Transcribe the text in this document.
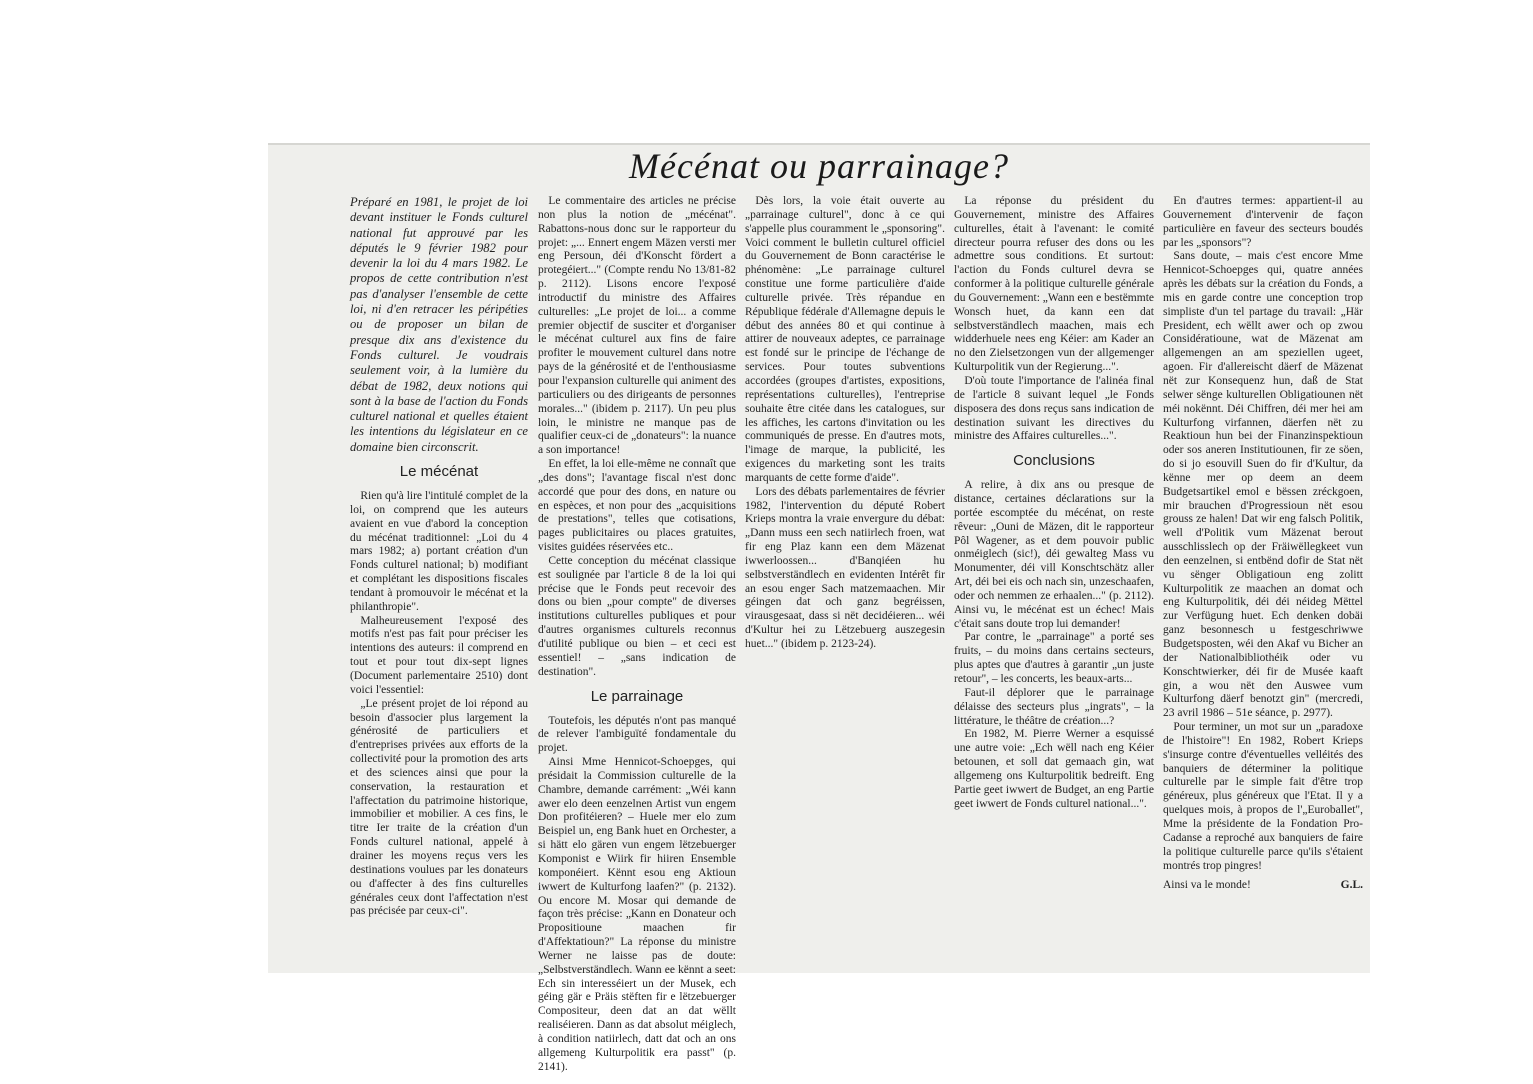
Mécénat ou parrainage?

Préparé en 1981, le projet de loi devant instituer le Fonds culturel national fut approuvé par les députés le 9 février 1982 pour devenir la loi du 4 mars 1982. Le propos de cette contribution n'est pas d'analyser l'ensemble de cette loi, ni d'en retracer les péripéties ou de proposer un bilan de presque dix ans d'existence du Fonds culturel. Je voudrais seulement voir, à la lumière du débat de 1982, deux notions qui sont à la base de l'action du Fonds culturel national et quelles étaient les intentions du législateur en ce domaine bien circonscrit.

Le mécénat

Rien qu'à lire l'intitulé complet de la loi, on comprend que les auteurs avaient en vue d'abord la conception du mécénat traditionnel: „Loi du 4 mars 1982; a) portant création d'un Fonds culturel national; b) modifiant et complétant les dispositions fiscales tendant à promouvoir le mécénat et la philanthropie".

Malheureusement l'exposé des motifs n'est pas fait pour préciser les intentions des auteurs: il comprend en tout et pour tout dix-sept lignes (Document parlementaire 2510) dont voici l'essentiel:

„Le présent projet de loi répond au besoin d'associer plus largement la générosité de particuliers et d'entreprises privées aux efforts de la collectivité pour la promotion des arts et des sciences ainsi que pour la conservation, la restauration et l'affectation du patrimoine historique, immobilier et mobilier. A ces fins, le titre Ier traite de la création d'un Fonds culturel national, appelé à drainer les moyens reçus vers les destinations voulues par les donateurs ou d'affecter à des fins culturelles générales ceux dont l'affectation n'est pas précisée par ceux-ci".

Le commentaire des articles ne précise non plus la notion de „mécénat". Rabattons-nous donc sur le rapporteur du projet: „... Ennert engem Mäzen versti mer eng Persoun, déi d'Konscht fördert a protegéiert..." (Compte rendu No 13/81-82 p. 2112). Lisons encore l'exposé introductif du ministre des Affaires culturelles: „Le projet de loi... a comme premier objectif de susciter et d'organiser le mécénat culturel aux fins de faire profiter le mouvement culturel dans notre pays de la générosité et de l'enthousiasme pour l'expansion culturelle qui animent des particuliers ou des dirigeants de personnes morales..." (ibidem p. 2117). Un peu plus loin, le ministre ne manque pas de qualifier ceux-ci de „donateurs": la nuance a son importance!

En effet, la loi elle-même ne connaît que „des dons"; l'avantage fiscal n'est donc accordé que pour des dons, en nature ou en espèces, et non pour des „acquisitions de prestations", telles que cotisations, pages publicitaires ou places gratuites, visites guidées réservées etc..

Cette conception du mécénat classique est soulignée par l'article 8 de la loi qui précise que le Fonds peut recevoir des dons ou bien „pour compte" de diverses institutions culturelles publiques et pour d'autres organismes culturels reconnus d'utilité publique ou bien – et ceci est essentiel! – „sans indication de destination".

Le parrainage

Toutefois, les députés n'ont pas manqué de relever l'ambiguïté fondamentale du projet.

Ainsi Mme Hennicot-Schoepges, qui présidait la Commission culturelle de la Chambre, demande carrément: „Wéi kann awer elo deen eenzelnen Artist vun engem Don profitéieren? – Huele mer elo zum Beispiel un, eng Bank huet en Orchester, a si hätt elo gären vun engem lëtzebuerger Komponist e Wiirk fir hiiren Ensemble komponéiert. Kënnt esou eng Aktioun iwwert de Kulturfong laafen?" (p. 2132). Ou encore M. Mosar qui demande de façon très précise: „Kann en Donateur och Propositioune maachen fir d'Affektatioun?" La réponse du ministre Werner ne laisse pas de doute: „Selbstverständlech. Wann ee kënnt a seet: Ech sin interesséiert un der Musek, ech géing gär e Präis stëften fir e lëtzebuerger Compositeur, deen dat an dat wëllt realiséieren. Dann as dat absolut méiglech, à condition natiirlech, datt dat och an ons allgemeng Kulturpolitik era passt" (p. 2141).

Dès lors, la voie était ouverte au „parrainage culturel", donc à ce qui s'appelle plus couramment le „sponsoring". Voici comment le bulletin culturel officiel du Gouvernement de Bonn caractérise le phénomène: „Le parrainage culturel constitue une forme particulière d'aide culturelle privée. Très répandue en République fédérale d'Allemagne depuis le début des années 80 et qui continue à attirer de nouveaux adeptes, ce parrainage est fondé sur le principe de l'échange de services. Pour toutes subventions accordées (groupes d'artistes, expositions, représentations culturelles), l'entreprise souhaite être citée dans les catalogues, sur les affiches, les cartons d'invitation ou les communiqués de presse. En d'autres mots, l'image de marque, la publicité, les exigences du marketing sont les traits marquants de cette forme d'aide".

Lors des débats parlementaires de février 1982, l'intervention du député Robert Krieps montra la vraie envergure du débat: „Dann muss een sech natiirlech froen, wat fir eng Plaz kann een dem Mäzenat iwwerloossen... d'Banqiéen hu selbstverständlech en evidenten Intérêt fir an esou enger Sach matzemaachen. Mir géingen dat och ganz begréissen, virausgesaat, dass si nët decidéieren... wéi d'Kultur hei zu Lëtzebuerg auszegesin huet..." (ibidem p. 2123-24).

La réponse du président du Gouvernement, ministre des Affaires culturelles, était à l'avenant: le comité directeur pourra refuser des dons ou les admettre sous conditions. Et surtout: l'action du Fonds culturel devra se conformer à la politique culturelle générale du Gouvernement: „Wann een e bestëmmte Wonsch huet, da kann een dat selbstverständlech maachen, mais ech widderhuele nees eng Kéier: am Kader an no den Zielsetzongen vun der allgemenger Kulturpolitik vun der Regierung...".

D'où toute l'importance de l'alinéa final de l'article 8 suivant lequel „le Fonds disposera des dons reçus sans indication de destination suivant les directives du ministre des Affaires culturelles...".

Conclusions

A relire, à dix ans ou presque de distance, certaines déclarations sur la portée escomptée du mécénat, on reste rêveur: „Ouni de Mäzen, dit le rapporteur Pôl Wagener, as et dem pouvoir public onméiglech (sic!), déi gewalteg Mass vu Monumenter, déi vill Konschtschätz aller Art, déi bei eis och nach sin, unzeschaafen, oder och nemmen ze erhaalen..." (p. 2112). Ainsi vu, le mécénat est un échec! Mais c'était sans doute trop lui demander!

Par contre, le „parrainage" a porté ses fruits, – du moins dans certains secteurs, plus aptes que d'autres à garantir „un juste retour", – les concerts, les beaux-arts...

Faut-il déplorer que le parrainage délaisse des secteurs plus „ingrats", – la littérature, le théâtre de création...?

En 1982, M. Pierre Werner a esquissé une autre voie: „Ech wëll nach eng Kéier betounen, et soll dat gemaach gin, wat allgemeng ons Kulturpolitik bedreift. Eng Partie geet iwwert de Budget, an eng Partie geet iwwert de Fonds culturel national...".

En d'autres termes: appartient-il au Gouvernement d'intervenir de façon particulière en faveur des secteurs boudés par les „sponsors"?

Sans doute, – mais c'est encore Mme Hennicot-Schoepges qui, quatre années après les débats sur la création du Fonds, a mis en garde contre une conception trop simpliste d'un tel partage du travail: „Här President, ech wëllt awer och op zwou Considératioune, wat de Mäzenat am allgemengen an am speziellen ugeet, agoen. Fir d'allereischt däerf de Mäzenat nët zur Konsequenz hun, daß de Stat selwer sënge kulturellen Obligatiounen nët méi nokënnt. Déi Chiffren, déi mer hei am Kulturfong virfannen, däerfen nët zu Reaktioun hun bei der Finanzinspektioun oder sos aneren Institutiounen, fir ze söen, do si jo esouvill Suen do fir d'Kultur, da kënne mer op deem an deem Budgetsartikel emol e bëssen zréckgoen, mir brauchen d'Progressioun nët esou grouss ze halen! Dat wir eng falsch Politik, well d'Politik vum Mäzenat berout ausschlisslech op der Fräiwëllegkeet vun den eenzelnen, si entbënd dofir de Stat nët vu sënger Obligatioun eng zolitt Kulturpolitik ze maachen an domat och eng Kulturpolitik, déi déi néideg Mëttel zur Verfügung huet. Ech denken dobäi ganz besonnesch u festgeschriwwe Budgetsposten, wéi den Akaf vu Bicher an der Nationalbibliothéik oder vu Konschtwierker, déi fir de Musée kaaft gin, a wou nët den Auswee vum Kulturfong däerf benotzt gin" (mercredi, 23 avril 1986 – 51e séance, p. 2977).

Pour terminer, un mot sur un „paradoxe de l'histoire"! En 1982, Robert Krieps s'insurge contre d'éventuelles velléités des banquiers de déterminer la politique culturelle par le simple fait d'être trop généreux, plus généreux que l'Etat. Il y a quelques mois, à propos de l'„Euroballet", Mme la présidente de la Fondation Pro-Cadanse a reproché aux banquiers de faire la politique culturelle parce qu'ils s'étaient montrés trop pingres!

Ainsi va le monde!	G.L.
